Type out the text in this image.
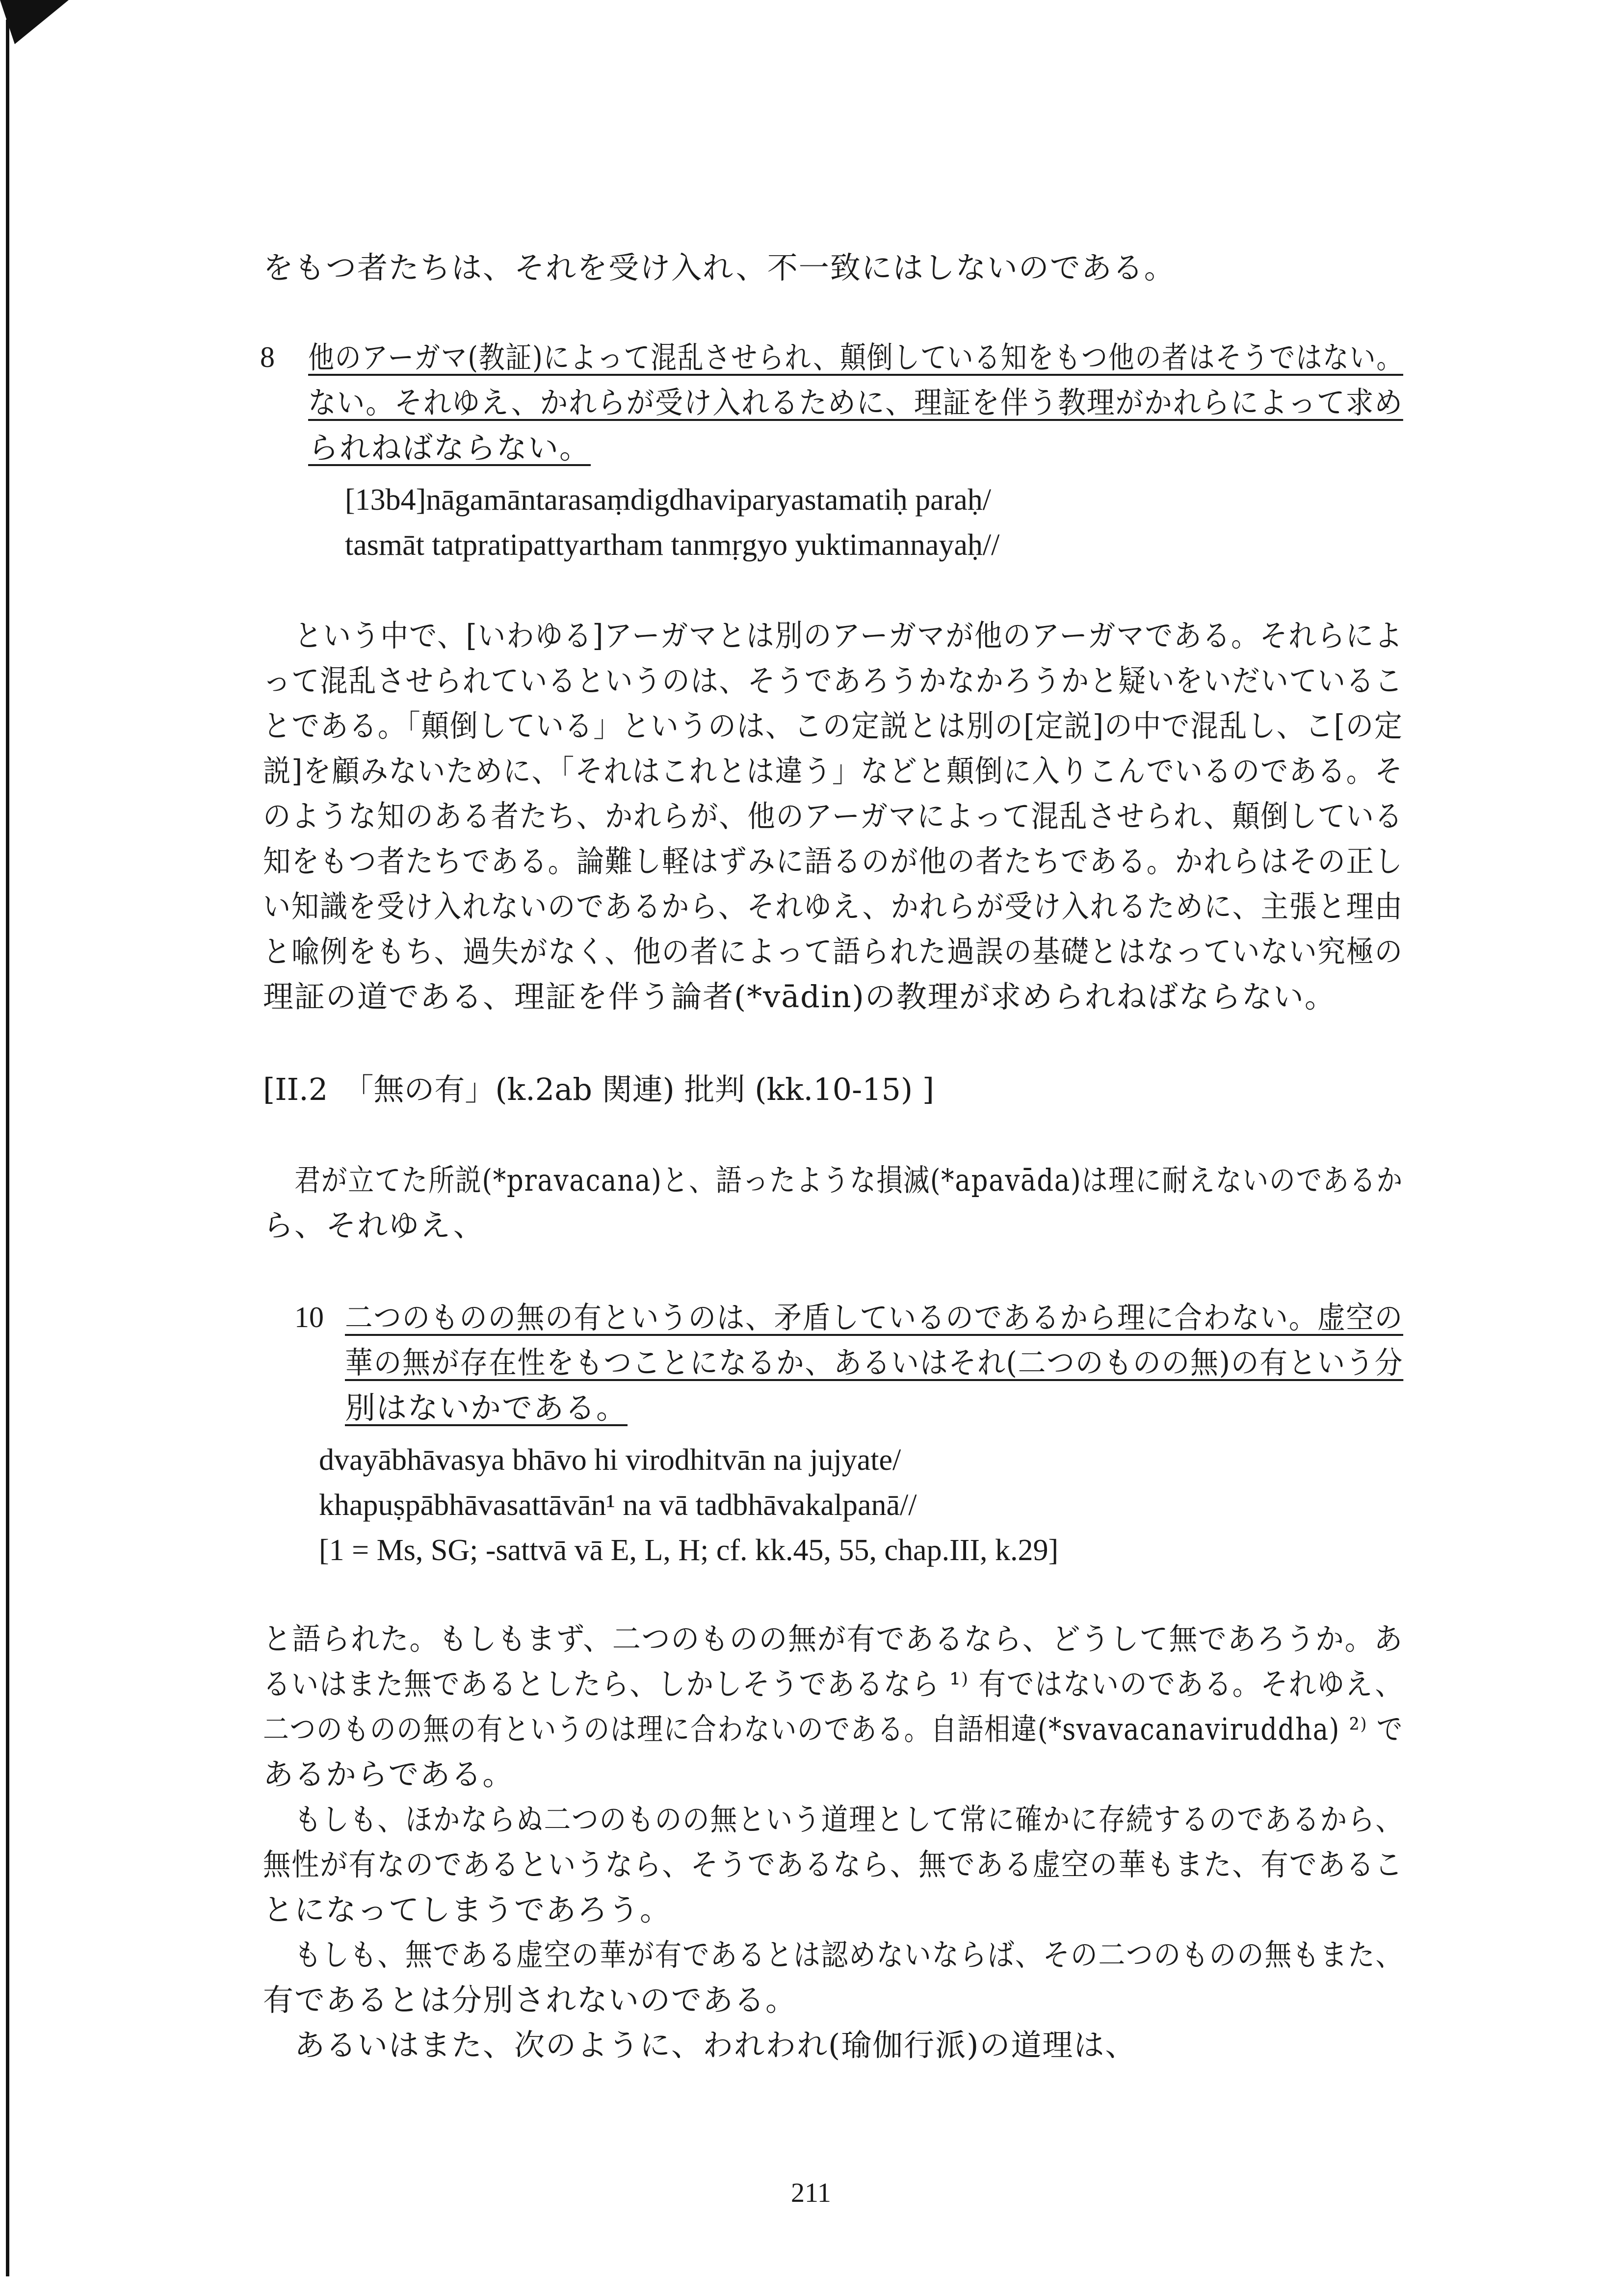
をもつ者たちは、それを受け入れ、不一致にはしないのである。
8 他のアーガマ(教証)によって混乱させられ、顛倒している知をもつ他の者はそうではない。
ない。それゆえ、かれらが受け入れるために、理証を伴う教理がかれらによって求め
られねばならない。
[13b4]nāgamāntarasaṃdigdhaviparyastamatiḥ paraḥ/
tasmāt tatpratipattyartham tanmṛgyo yuktimannayaḥ//
という中で、[いわゆる]アーガマとは別のアーガマが他のアーガマである。それらによ
って混乱させられているというのは、そうであろうかなかろうかと疑いをいだいているこ
とである。「顛倒している」というのは、この定説とは別の[定説]の中で混乱し、こ[の定
説]を顧みないために、「それはこれとは違う」などと顛倒に入りこんでいるのである。そ
のような知のある者たち、かれらが、他のアーガマによって混乱させられ、顛倒している
知をもつ者たちである。論難し軽はずみに語るのが他の者たちである。かれらはその正し
い知識を受け入れないのであるから、それゆえ、かれらが受け入れるために、主張と理由
と喩例をもち、過失がなく、他の者によって語られた過誤の基礎とはなっていない究極の
理証の道である、理証を伴う論者(*vādin)の教理が求められねばならない。
[II.2　「無の有」(k.2ab 関連) 批判 (kk.10-15) ]
君が立てた所説(*pravacana)と、語ったような損滅(*apavāda)は理に耐えないのであるか
ら、それゆえ、
10 二つのものの無の有というのは、矛盾しているのであるから理に合わない。虚空の
華の無が存在性をもつことになるか、あるいはそれ(二つのものの無)の有という分
別はないかである。
dvayābhāvasya bhāvo hi virodhitvān na jujyate/
khapuṣpābhāvasattāvān¹ na vā tadbhāvakalpanā//
[1 = Ms, SG; -sattvā vā E, L, H; cf. kk.45, 55, chap.III, k.29]
と語られた。もしもまず、二つのものの無が有であるなら、どうして無であろうか。あ
るいはまた無であるとしたら、しかしそうであるなら ¹⁾ 有ではないのである。それゆえ、
二つのものの無の有というのは理に合わないのである。自語相違(*svavacanaviruddha) ²⁾ で
あるからである。
もしも、ほかならぬ二つのものの無という道理として常に確かに存続するのであるから、
無性が有なのであるというなら、そうであるなら、無である虚空の華もまた、有であるこ
とになってしまうであろう。
もしも、無である虚空の華が有であるとは認めないならば、その二つのものの無もまた、
有であるとは分別されないのである。
あるいはまた、次のように、われわれ(瑜伽行派)の道理は、
211
